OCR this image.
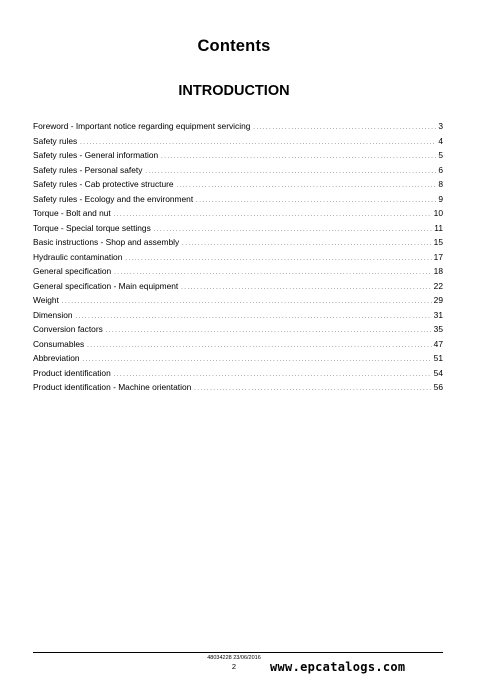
Contents
INTRODUCTION
Foreword - Important notice regarding equipment servicing . . .	3
Safety rules . . .	4
Safety rules - General information . . .	5
Safety rules - Personal safety . . .	6
Safety rules - Cab protective structure . . .	8
Safety rules - Ecology and the environment . . .	9
Torque - Bolt and nut . . .	10
Torque - Special torque settings . . .	11
Basic instructions - Shop and assembly . . .	15
Hydraulic contamination . . .	17
General specification . . .	18
General specification - Main equipment . . .	22
Weight . . .	29
Dimension . . .	31
Conversion factors . . .	35
Consumables . . .	47
Abbreviation . . .	51
Product identification . . .	54
Product identification - Machine orientation . . .	56
48034228 23/06/2016
2	www.epcatalogs.com
